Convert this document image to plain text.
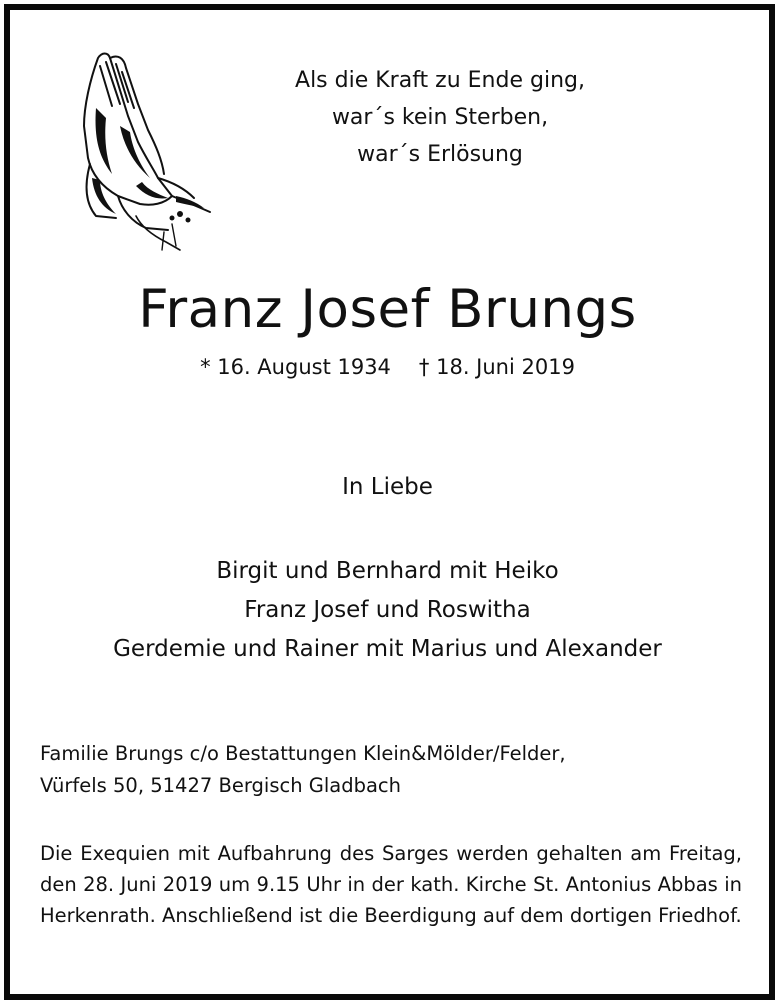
Als die Kraft zu Ende ging,
war´s kein Sterben,
war´s Erlösung
Franz Josef Brungs
* 16. August 1934 † 18. Juni 2019
In Liebe
Birgit und Bernhard mit Heiko
Franz Josef und Roswitha
Gerdemie und Rainer mit Marius und Alexander
Familie Brungs c/o Bestattungen Klein&Mölder/Felder,
Vürfels 50, 51427 Bergisch Gladbach
Die Exequien mit Aufbahrung des Sarges werden gehalten am Freitag, den 28. Juni 2019 um 9.15 Uhr in der kath. Kirche St. Antonius Abbas in Herkenrath. Anschließend ist die Beerdigung auf dem dortigen Friedhof.
